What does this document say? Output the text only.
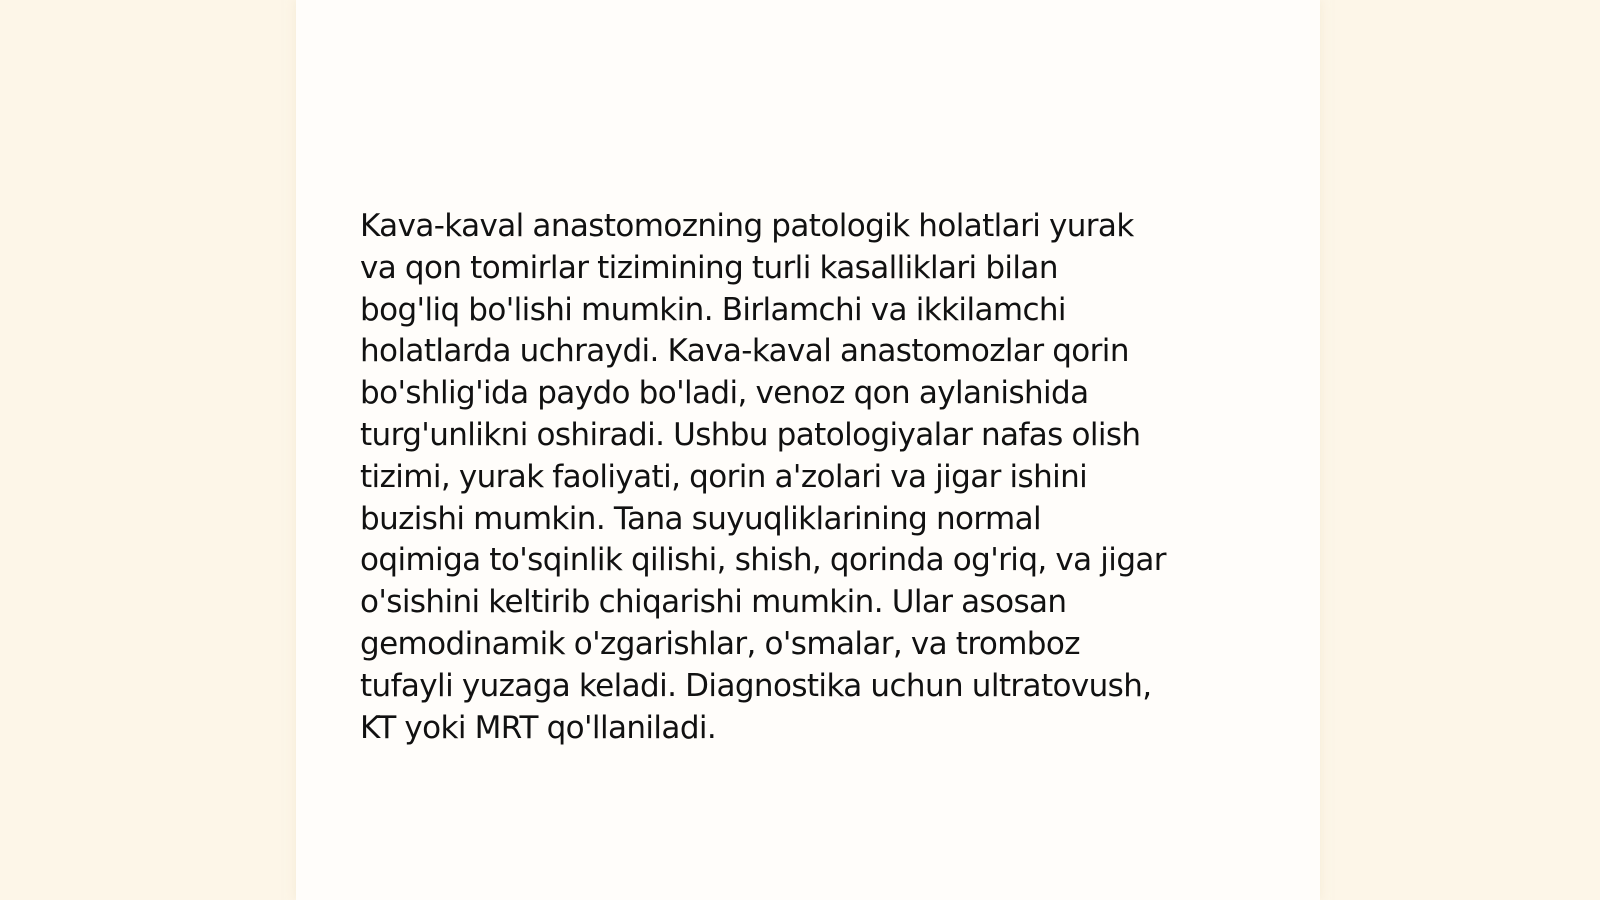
Kava-kaval anastomozning patologik holatlari yurak
va qon tomirlar tizimining turli kasalliklari bilan
bog'liq bo'lishi mumkin. Birlamchi va ikkilamchi
holatlarda uchraydi. Kava-kaval anastomozlar qorin
bo'shlig'ida paydo bo'ladi, venoz qon aylanishida
turg'unlikni oshiradi. Ushbu patologiyalar nafas olish
tizimi, yurak faoliyati, qorin a'zolari va jigar ishini
buzishi mumkin. Tana suyuqliklarining normal
oqimiga to'sqinlik qilishi, shish, qorinda og'riq, va jigar
o'sishini keltirib chiqarishi mumkin. Ular asosan
gemodinamik o'zgarishlar, o'smalar, va tromboz
tufayli yuzaga keladi. Diagnostika uchun ultratovush,
KT yoki MRT qo'llaniladi.
